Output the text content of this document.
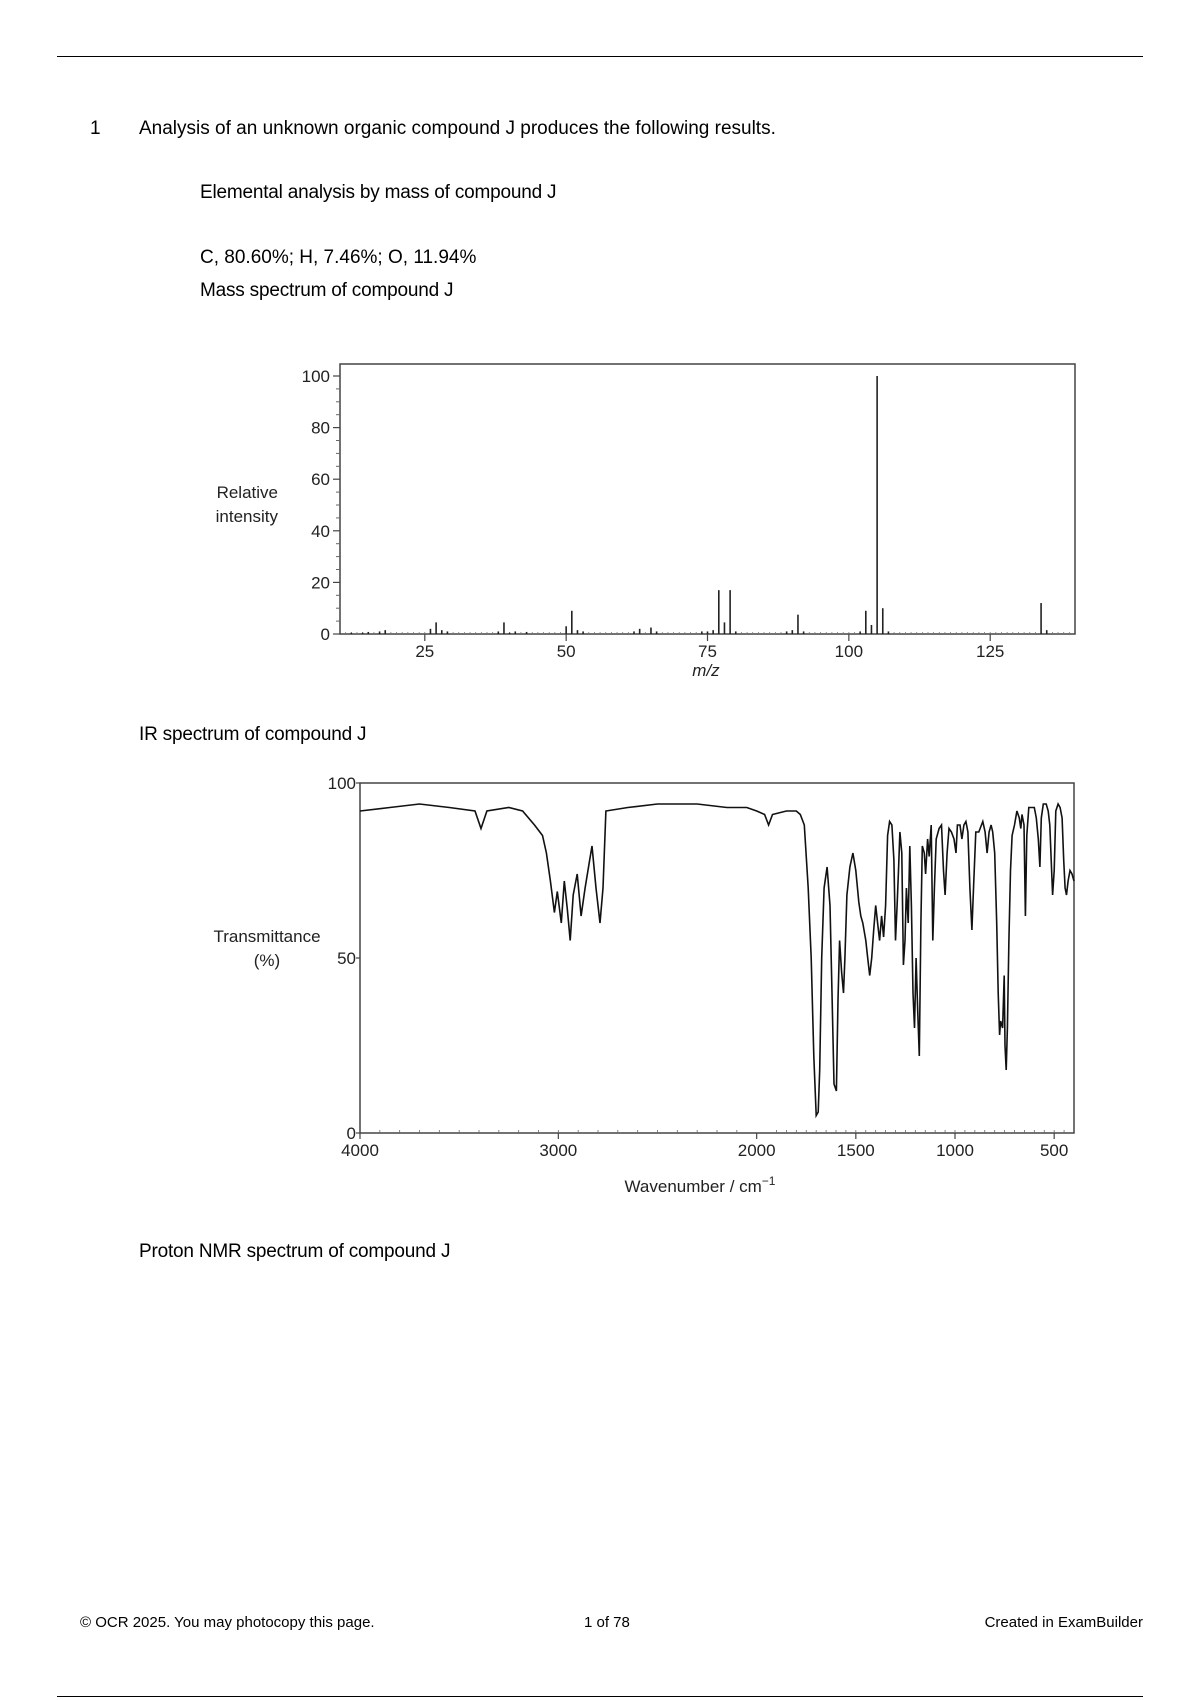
1 Analysis of an unknown organic compound J produces the following results.
Elemental analysis by mass of compound J
C, 80.60%; H, 7.46%; O, 11.94%
Mass spectrum of compound J
0
20
40
60
80
100
25	50	75	100	125
Relative
intensity
m/z
IR spectrum of compound J
0
50
100
4000	3000	2000	1500	1000	500
Transmittance
(%)
Wavenumber / $cm^{-1}$
Proton NMR spectrum of compound J
© OCR 2025. You may photocopy this page.	1 of 78	Created in ExamBuilder
